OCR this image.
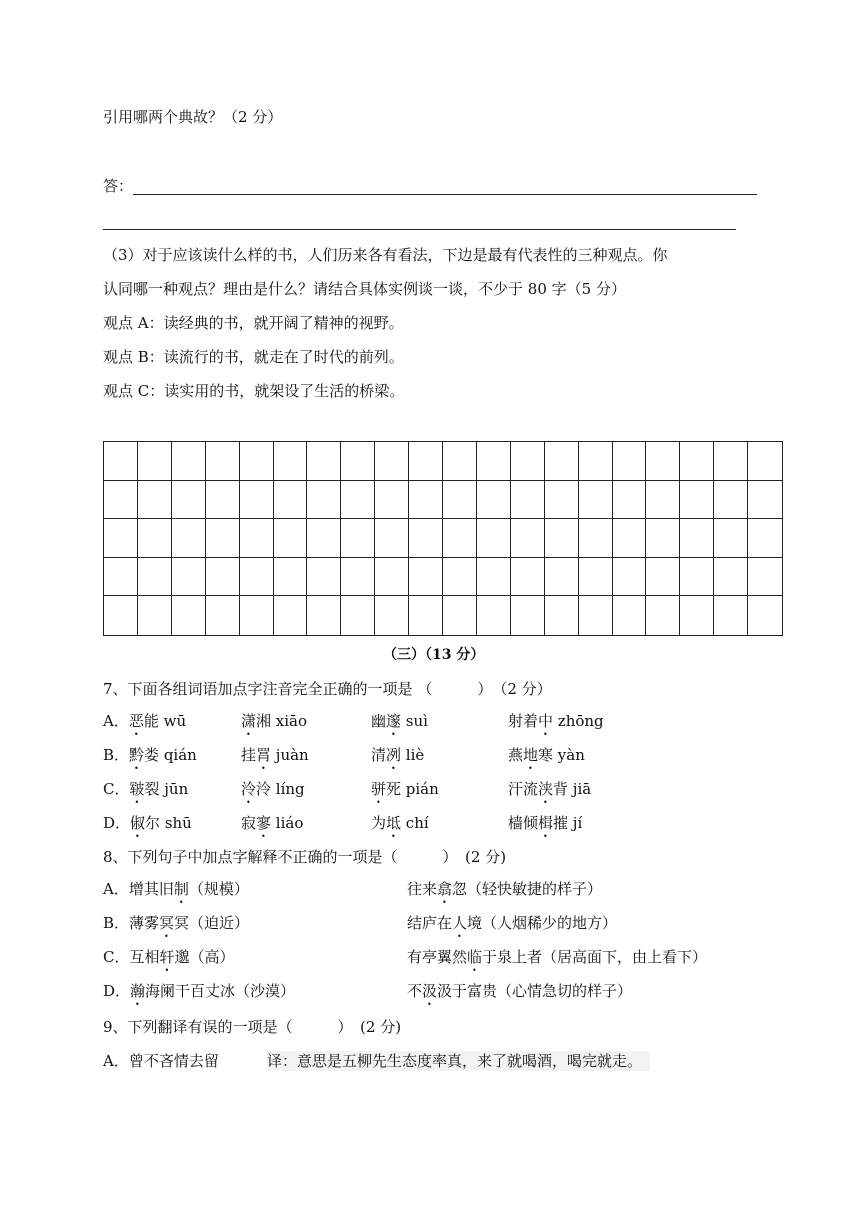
引用哪两个典故？（2 分）
答：
（3）对于应该读什么样的书，人们历来各有看法，下边是最有代表性的三种观点。你
认同哪一种观点？理由是什么？请结合具体实例谈一谈，不少于 80 字（5 分）
观点 A：读经典的书，就开阔了精神的视野。
观点 B：读流行的书，就走在了时代的前列。
观点 C：读实用的书，就架设了生活的桥梁。
（三）（13 分）
7、下面各组词语加点字注音完全正确的一项是 （　　　）　（2 分）
A．恶能 wū	潇湘 xiāo	幽邃 suì	射着中 zhōng
B．黔娄 qián	挂罥 juàn	清冽 liè	燕地寒 yàn
C．皲裂 jūn	泠泠 líng	骈死 pián	汗流浃背 jiā
D．俶尔 shū	寂寥 liáo	为坻 chí	樯倾楫摧 jí
8、下列句子中加点字解释不正确的一项是（　　　）　(2 分)
A．增其旧制（规模）	往来翕忽（轻快敏捷的样子）
B．薄雾冥冥（迫近）	结庐在人境（人烟稀少的地方）
C．互相轩邈（高）	有亭翼然临于泉上者（居高面下，由上看下）
D．瀚海阑干百丈冰（沙漠）	不汲汲于富贵（心情急切的样子）
9、下列翻译有误的一项是（　　　）　(2 分)
A．曾不吝情去留	译：意思是五柳先生态度率真，来了就喝酒，喝完就走。
